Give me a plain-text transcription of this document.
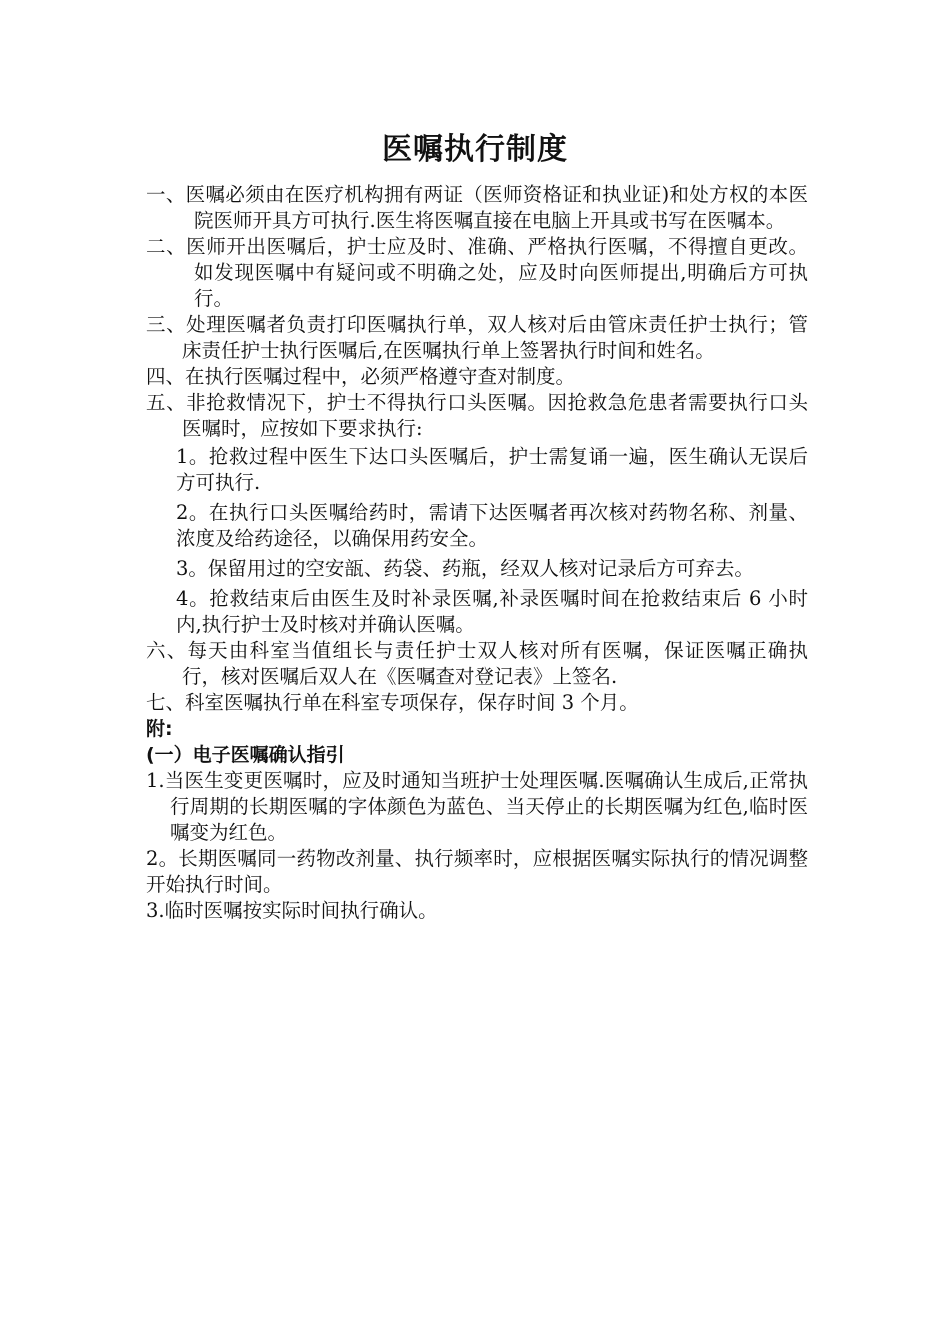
医嘱执行制度

一、医嘱必须由在医疗机构拥有两证（医师资格证和执业证)和处方权的本医院医师开具方可执行.医生将医嘱直接在电脑上开具或书写在医嘱本。

二、医师开出医嘱后，护士应及时、准确、严格执行医嘱，不得擅自更改。如发现医嘱中有疑问或不明确之处，应及时向医师提出,明确后方可执行。

三、处理医嘱者负责打印医嘱执行单，双人核对后由管床责任护士执行；管床责任护士执行医嘱后,在医嘱执行单上签署执行时间和姓名。

四、在执行医嘱过程中，必须严格遵守查对制度。

五、非抢救情况下，护士不得执行口头医嘱。因抢救急危患者需要执行口头医嘱时，应按如下要求执行:

1。抢救过程中医生下达口头医嘱后，护士需复诵一遍，医生确认无误后方可执行.

2。在执行口头医嘱给药时，需请下达医嘱者再次核对药物名称、剂量、浓度及给药途径，以确保用药安全。

3。保留用过的空安瓿、药袋、药瓶，经双人核对记录后方可弃去。

4。抢救结束后由医生及时补录医嘱,补录医嘱时间在抢救结束后 6 小时内,执行护士及时核对并确认医嘱。

六、每天由科室当值组长与责任护士双人核对所有医嘱，保证医嘱正确执行，核对医嘱后双人在《医嘱查对登记表》上签名.

七、科室医嘱执行单在科室专项保存，保存时间 3 个月。

附:

(一）电子医嘱确认指引

1.当医生变更医嘱时，应及时通知当班护士处理医嘱.医嘱确认生成后,正常执行周期的长期医嘱的字体颜色为蓝色、当天停止的长期医嘱为红色,临时医嘱变为红色。

2。长期医嘱同一药物改剂量、执行频率时，应根据医嘱实际执行的情况调整开始执行时间。

3.临时医嘱按实际时间执行确认。
